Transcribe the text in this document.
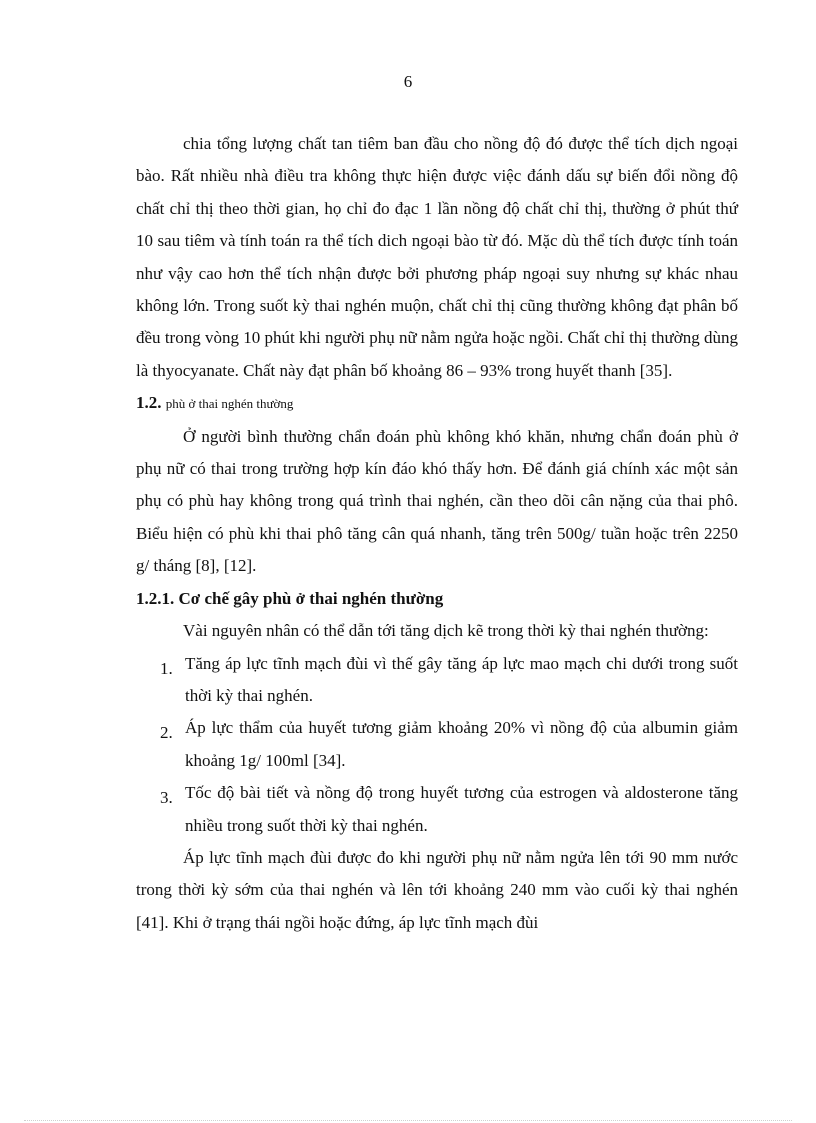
6

chia tổng lượng chất tan tiêm ban đầu cho nồng độ đó được thể tích dịch ngoại bào. Rất nhiều nhà điều tra không thực hiện được việc đánh dấu sự biến đổi nồng độ chất chỉ thị theo thời gian, họ chỉ đo đạc 1 lần nồng độ chất chỉ thị, thường ở phút thứ 10 sau tiêm và tính toán ra thể tích dich ngoại bào từ đó. Mặc dù thể tích được tính toán như vậy cao hơn thể tích nhận được bởi phương pháp ngoại suy nhưng sự khác nhau không lớn. Trong suốt kỳ thai nghén muộn, chất chỉ thị cũng thường không đạt phân bố đều trong vòng 10 phút khi người phụ nữ nằm ngửa hoặc ngồi. Chất chỉ thị thường dùng là thyocyanate. Chất này đạt phân bố khoảng 86 – 93% trong huyết thanh [35].

1.2. phù ở thai nghén thường

Ở người bình thường chẩn đoán phù không khó khăn, nhưng chẩn đoán phù ở phụ nữ có thai trong trường hợp kín đáo khó thấy hơn. Để đánh giá chính xác một sản phụ có phù hay không trong quá trình thai nghén, cần theo dõi cân nặng của thai phô. Biểu hiện có phù khi thai phô tăng cân quá nhanh, tăng trên 500g/ tuần hoặc trên 2250 g/ tháng [8], [12].

1.2.1. Cơ chế gây phù ở thai nghén thường

Vài nguyên nhân có thể dẫn tới tăng dịch kẽ trong thời kỳ thai nghén thường:

1. Tăng áp lực tĩnh mạch đùi vì thế gây tăng áp lực mao mạch chi dưới trong suốt thời kỳ thai nghén.

2. Áp lực thẩm của huyết tương giảm khoảng 20% vì nồng độ của albumin giảm khoảng 1g/ 100ml [34].

3. Tốc độ bài tiết và nồng độ trong huyết tương của estrogen và aldosterone tăng nhiều trong suốt thời kỳ thai nghén.

Áp lực tĩnh mạch đùi được đo khi người phụ nữ nằm ngửa lên tới 90 mm nước trong thời kỳ sớm của thai nghén và lên tới khoảng 240 mm vào cuối kỳ thai nghén [41]. Khi ở trạng thái ngồi hoặc đứng, áp lực tĩnh mạch đùi
